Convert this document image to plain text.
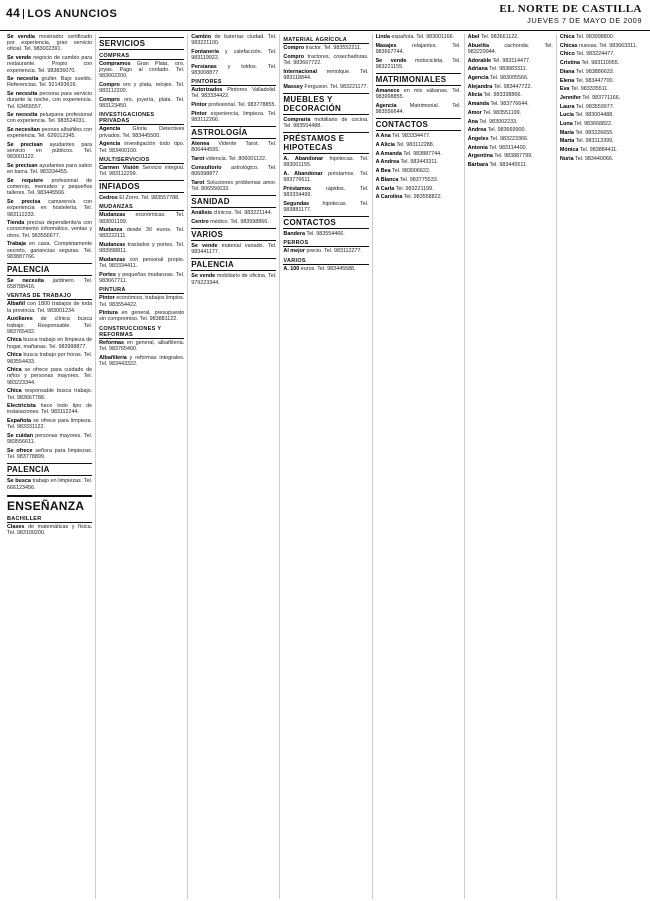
44 LOS ANUNCIOS	EL NORTE DE CASTILLA
JUEVES 7 DE MAYO DE 2009
Se vendía mostrador certificado por experiencia, gran servicio oficial. Tel. 983002391.
Se vende negocio de cambio para restaurante. Propio con experiencia. Tel. 983836070.
Se necesita gruller. Bajo sueldo. Referencias. Tel. 921493616.
Se necesita persona para servicio durante la noche, con experiencia. Tel. 63455557.
Se necesita peluquera profesional con experiencia. Tel. 983524031.
Se necesitan peones albañiles con experiencia. Tel. 626012345.
Se precisan ayudantes para servicio en públicos. Tel. 983001122.
Se precisan ayudantes para sabor en barra. Tel. 983334455.
Se requiere profesional de comercio, menudeo y pequeños talleres. Tel. 983445566.
Se precisa camarero/a con experiencia en hostelería. Tel. 983112233.
Tienda precisa dependiente/a con conocimiento informático, ventas y otros. Tel. 983556677.
Trabaja en casa. Completamente secreto, ganancias seguras. Tel. 983887766.
PALENCIA
Se necesita jardinero. Tel. 658788416.
VENTAS DE TRABAJO
Albañil con 1800 trabajos de toda la provincia. Tel. 983001234.
Auxiliares de clínica busca trabajo. Responsable. Tel. 983765432.
Chica busca trabajo en limpieza de hogar, mañanas. Tel. 983998877.
Chica busca trabajo por horas. Tel. 983554433.
Chica se ofrece para cuidado de niños y personas mayores. Tel. 983223344.
Chica responsable busca trabajo. Tel. 983667788.
Electricista hace todo tipo de instalaciones. Tel. 983112244.
Española se ofrece para limpieza. Tel. 983331122.
Se cuidan personas mayores. Tel. 983556611.
Se ofrece señora para limpiezas. Tel. 983778899.
PALENCIA
Se busca trabajo en limpiezas. Tel. 666123456.
ENSEÑANZA
BACHILLER
Clases de matemáticas y física. Tel. 983100200.
SERVICIOS
COMPRAS
Compramos Gran Plata, oro, joyas. Pago al contado. Tel. 983002200.
Compro oro y plata, relojes. Tel. 983112200.
Compro oro, joyería, plata. Tel. 983123450.
INVESTIGACIONES PRIVADAS
Agencia Gloria Detectives privados. Tel. 983445500.
Agencia investigación todo tipo. Tel. 983400100.
MULTISERVICIOS
Carmen Visión Servicio integral. Tel. 983112299.
INFIADOS
Cedros El Zorro. Tel. 983557788.
MUDANZAS
Mudanzas económicas. Tel. 983001199.
Mudanza desde 30 euros. Tel. 983222111.
Mudanzas traslados y portes. Tel. 983998811.
Mudanzas con personal propio. Tel. 983334411.
Portes y pequeñas mudanzas. Tel. 983667711.
PINTURA
Pintor económico, trabajos limpios. Tel. 983554422.
Pintura en general, presupuesto sin compromiso. Tel. 983881122.
CONSTRUCCIONES Y REFORMAS
Reformas en general, albañilería. Tel. 983765400.
Albañilería y reformas integrales. Tel. 983443322.
Cambio de baterías ciudad. Tel. 983221100.
Fontanería y calefacción. Tel. 983119922.
Persianas y toldos. Tel. 983008877.
PINTORES
Autorizados Pintores Valladolid. Tel. 983334422.
Pintor profesional. Tel. 983778855.
Pintor experiencia, limpieza. Tel. 983112266.
ASTROLOGÍA
Atenea Vidente Tarot. Tel. 806444555.
Tarot videncia. Tel. 806001122.
Consultorio astrológico. Tel. 806998877.
Tarot Soluciones problemas amor. Tel. 806556633.
SANIDAD
Análisis clínicos. Tel. 983221144.
Centro médico. Tel. 983998866.
VARIOS
Se vende material variado. Tel. 983441177.
PALENCIA
Se vende mobiliario de oficina. Tel. 979223344.
MATERIAL AGRÍCOLA
Compro tractor. Tel. 983552211.
Compro tractores, cosechadoras. Tel. 983667722.
Internacional remolque. Tel. 983118844.
Massey Ferguson. Tel. 983221177.
MUEBLES Y DECORACIÓN
Compraría mobiliario de cocina. Tel. 983554488.
PRÉSTAMOS E HIPOTECAS
A. Abandonar hipotecas. Tel. 983001155.
A. Abandonar préstamos. Tel. 983776611.
Préstamos rápidos. Tel. 983334499.
Segundas hipotecas. Tel. 983881177.
CONTACTOS
Bandera Tel. 983554466.
PERROS
Al mejor precio. Tel. 983112277.
VARIOS
A. 100 euros. Tel. 983445588.
Linda española. Tel. 983001166.
Masajes relajantes. Tel. 983667744.
Se vende motocicleta. Tel. 983221155.
MATRIMONIALES
Amanece en mis sábanas. Tel. 983998855.
Agencia Matrimonial. Tel. 983556644.
CONTACTOS
A Ana Tel. 983334477.
A Alicia Tel. 983112288.
A Amanda Tel. 983887744.
A Andrea Tel. 983443311.
A Bea Tel. 983006622.
A Blanca Tel. 983775533.
A Carla Tel. 983221199.
A Carolina Tel. 983558822.
Abel Tel. 983661122.
Abuelita cachonda. Tel. 983229944.
Adorable Tel. 983114477.
Adriana Tel. 983883311.
Agencia Tel. 983005566.
Alejandra Tel. 983447722.
Alicia Tel. 983338866.
Amanda Tel. 983776644.
Amor Tel. 983551199.
Ana Tel. 983002233.
Andrea Tel. 983669900.
Ángeles Tel. 983223366.
Antonia Tel. 983114400.
Argentina Tel. 983887799.
Bárbara Tel. 983445511.
Chica Tel. 983998800.
Chicas nuevas. Tel. 983663311.
Chico Tel. 983224477.
Cristina Tel. 983110055.
Diana Tel. 983886633.
Elena Tel. 983447700.
Eva Tel. 983335511.
Jennifer Tel. 983771166.
Laura Tel. 983559977.
Lucía Tel. 983004488.
Luna Tel. 983668822.
María Tel. 983226655.
Marta Tel. 983113399.
Mónica Tel. 983884411.
Nuria Tel. 983440066.
